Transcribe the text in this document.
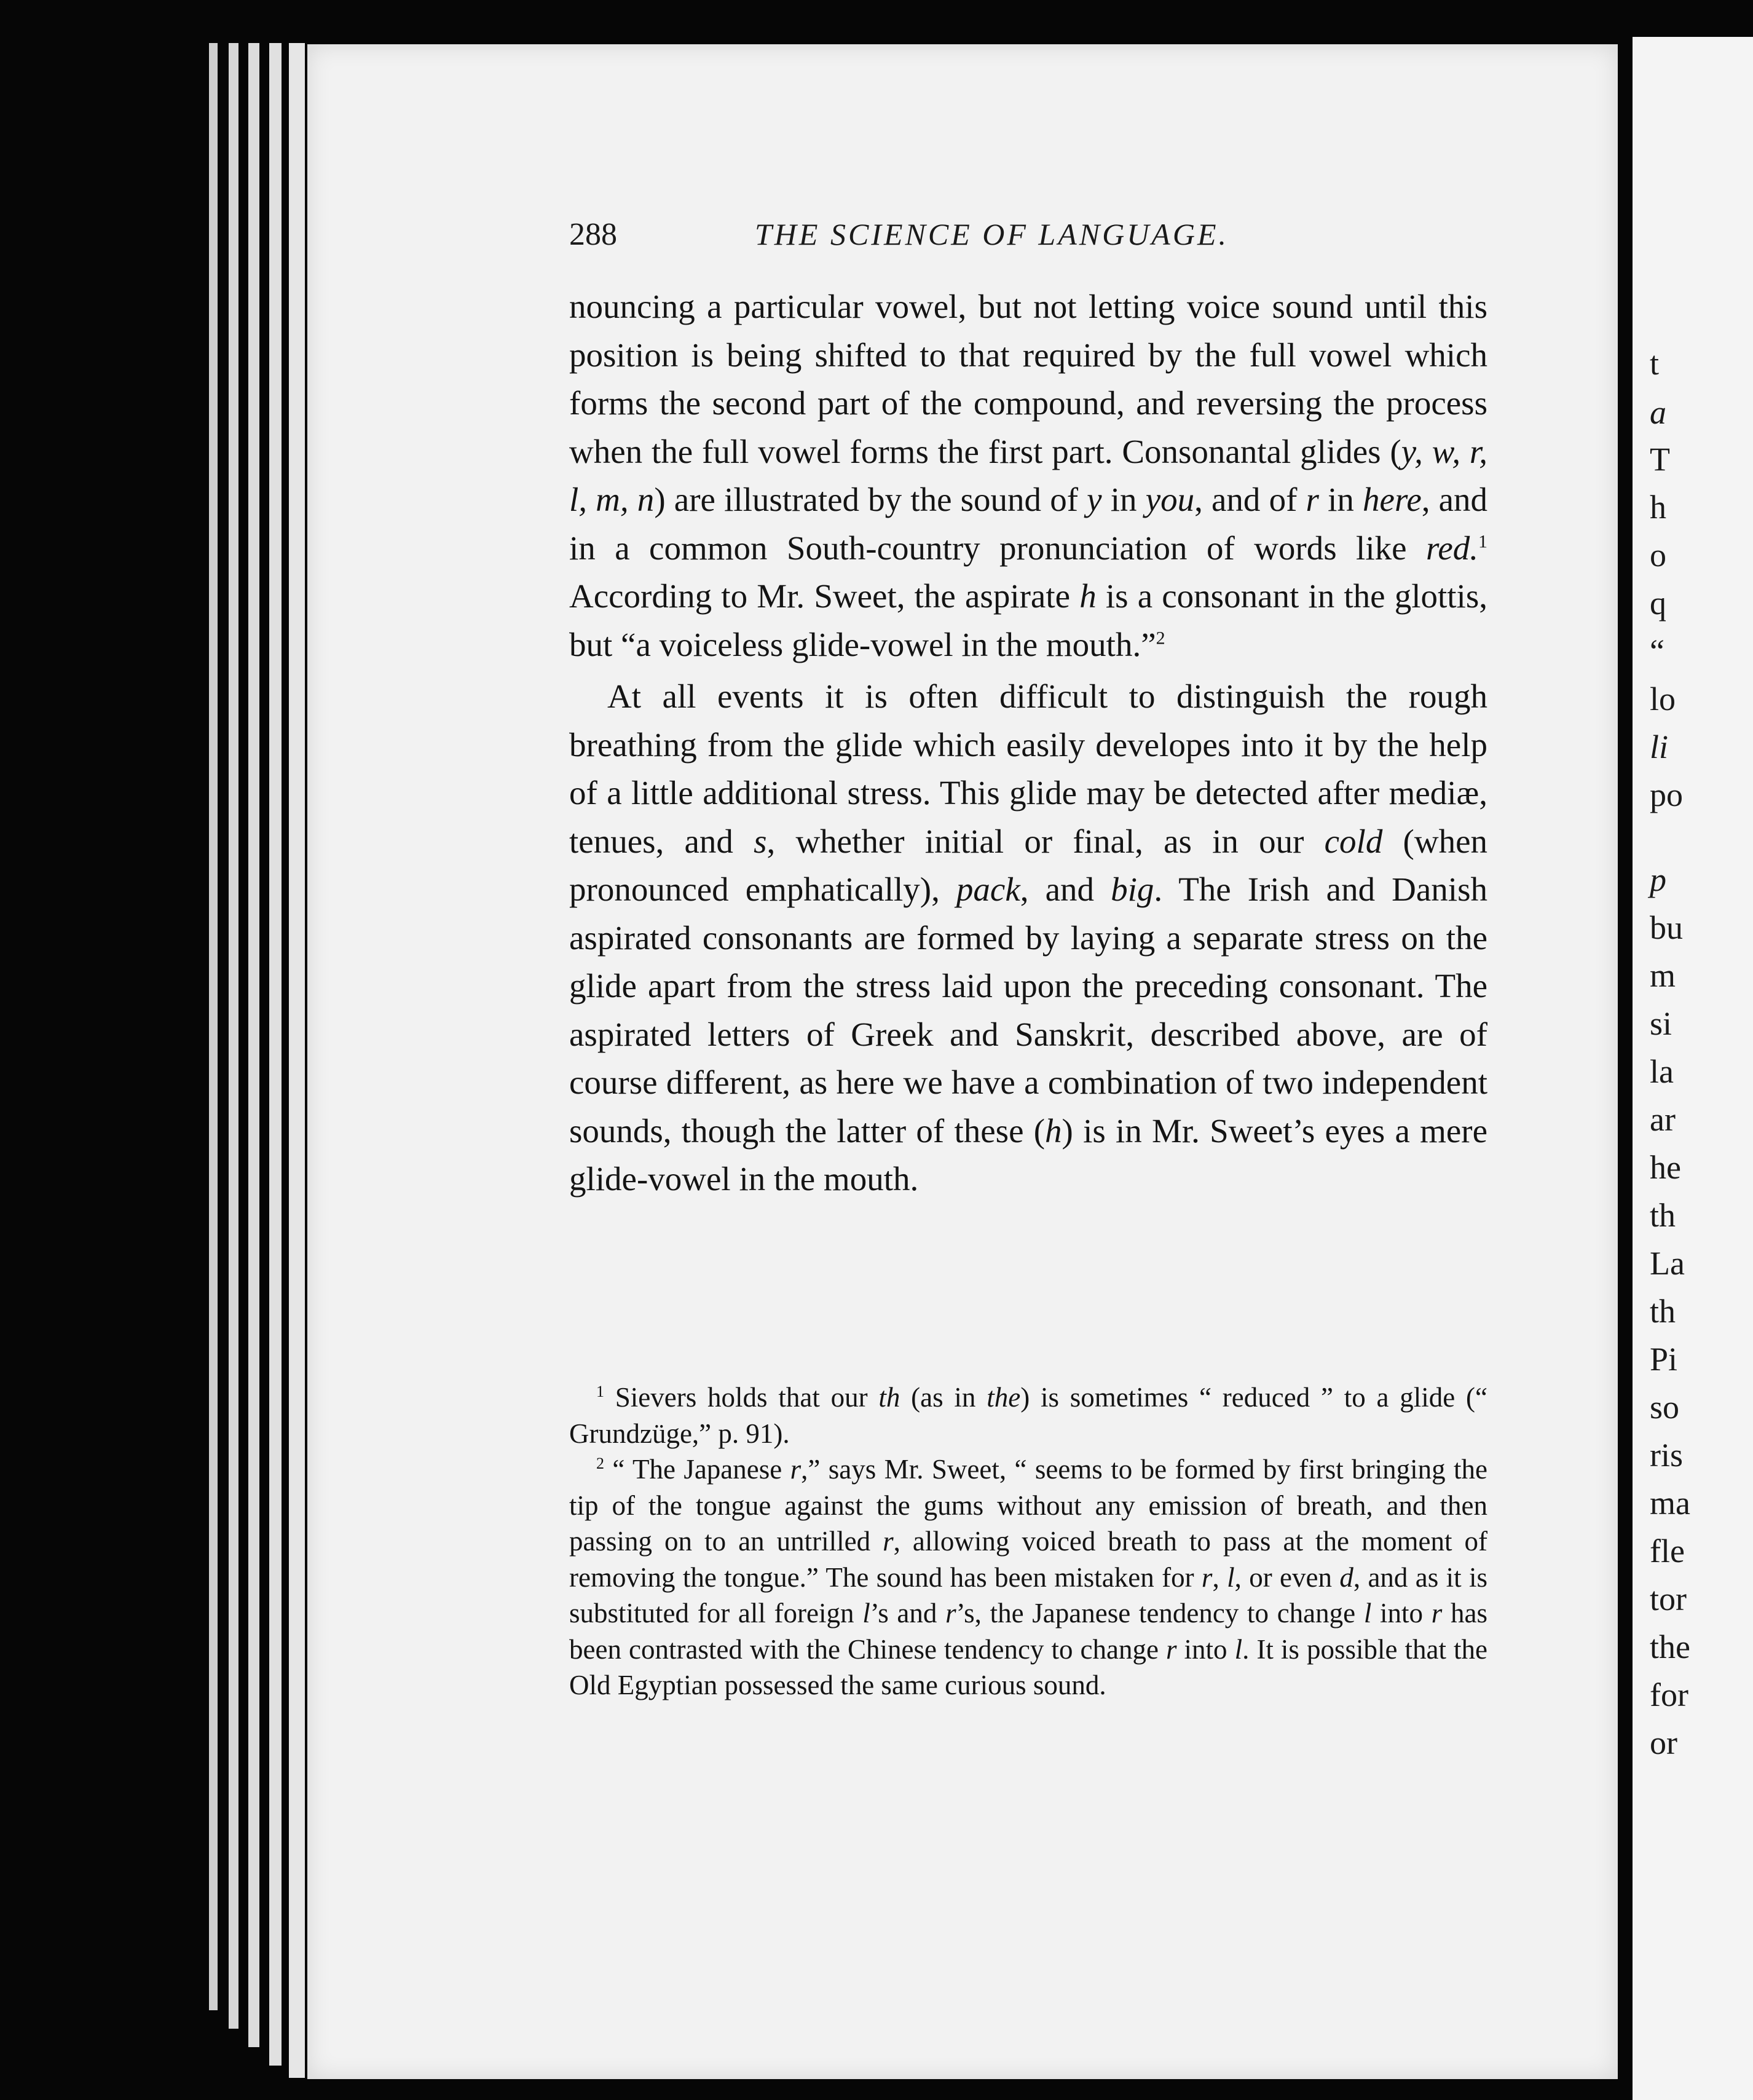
288	THE SCIENCE OF LANGUAGE.

nouncing a particular vowel, but not letting voice sound until this position is being shifted to that required by the full vowel which forms the second part of the compound, and reversing the process when the full vowel forms the first part. Consonantal glides (y, w, r, l, m, n) are illustrated by the sound of y in you, and of r in here, and in a common South-country pronunciation of words like red.$^1$ According to Mr. Sweet, the aspirate h is a consonant in the glottis, but “a voiceless glide-vowel in the mouth.”$^2$

At all events it is often difficult to distinguish the rough breathing from the glide which easily developes into it by the help of a little additional stress. This glide may be detected after mediæ, tenues, and s, whether initial or final, as in our cold (when pronounced emphatically), pack, and big. The Irish and Danish aspirated consonants are formed by laying a separate stress on the glide apart from the stress laid upon the preceding consonant. The aspirated letters of Greek and Sanskrit, described above, are of course different, as here we have a combination of two independent sounds, though the latter of these (h) is in Mr. Sweet’s eyes a mere glide-vowel in the mouth.

$^1$ Sievers holds that our th (as in the) is sometimes “ reduced ” to a glide (“ Grundzüge,” p. 91).

$^2$ “ The Japanese r,” says Mr. Sweet, “ seems to be formed by first bringing the tip of the tongue against the gums without any emission of breath, and then passing on to an untrilled r, allowing voiced breath to pass at the moment of removing the tongue.” The sound has been mistaken for r, l, or even d, and as it is substituted for all foreign l’s and r’s, the Japanese tendency to change l into r has been contrasted with the Chinese tendency to change r into l. It is possible that the Old Egyptian possessed the same curious sound.

t
a
T
h
o
q
“
lo
li
po
p
bu
m
si
la
ar
he
th
La
th
Pi
so
ris
ma
fle
tor
the
for
or
